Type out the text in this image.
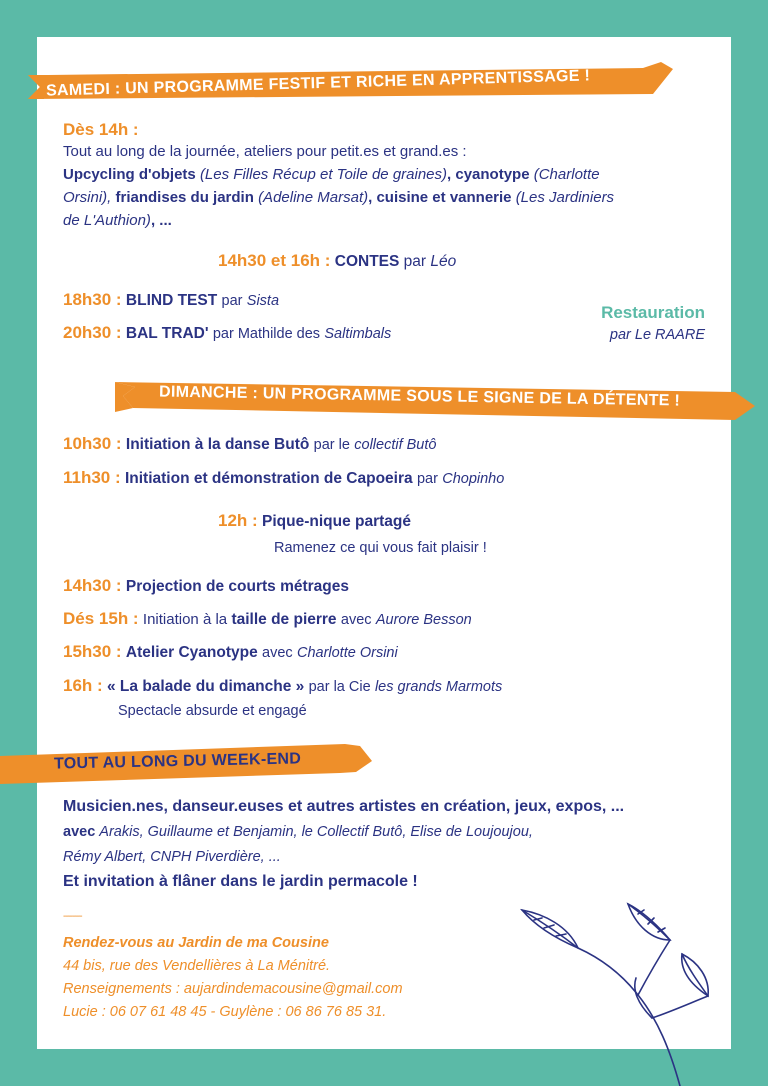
SAMEDI : UN PROGRAMME FESTIF ET RICHE EN APPRENTISSAGE !
Dès 14h :
Tout au long de la journée, ateliers pour petit.es et grand.es :
Upcycling d'objets (Les Filles Récup et Toile de graines), cyanotype (Charlotte
Orsini), friandises du jardin (Adeline Marsat), cuisine et vannerie (Les Jardiniers
de L'Authion), ...
14h30 et 16h : CONTES par Léo
18h30 : BLIND TEST par Sista
20h30 : BAL TRAD' par Mathilde des Saltimbals
Restauration
par Le RAARE
DIMANCHE : UN PROGRAMME SOUS LE SIGNE DE LA DÉTENTE !
10h30 : Initiation à la danse Butô par le collectif Butô
11h30 : Initiation et démonstration de Capoeira par Chopinho
12h : Pique-nique partagé
Ramenez ce qui vous fait plaisir !
14h30 : Projection de courts métrages
Dés 15h : Initiation à la taille de pierre avec Aurore Besson
15h30 : Atelier Cyanotype avec Charlotte Orsini
16h : « La balade du dimanche » par la Cie les grands Marmots
Spectacle absurde et engagé
TOUT AU LONG DU WEEK-END
Musicien.nes, danseur.euses et autres artistes en création, jeux, expos, ...
avec Arakis, Guillaume et Benjamin, le Collectif Butô, Elise de Loujoujou,
Rémy Albert, CNPH Piverdière, ...
Et invitation à flâner dans le jardin permacole !
--------
Rendez-vous au Jardin de ma Cousine
44 bis, rue des Vendellières à La Ménitré.
Renseignements : aujardindemacousine@gmail.com
Lucie : 06 07 61 48 45 - Guylène : 06 86 76 85 31.
